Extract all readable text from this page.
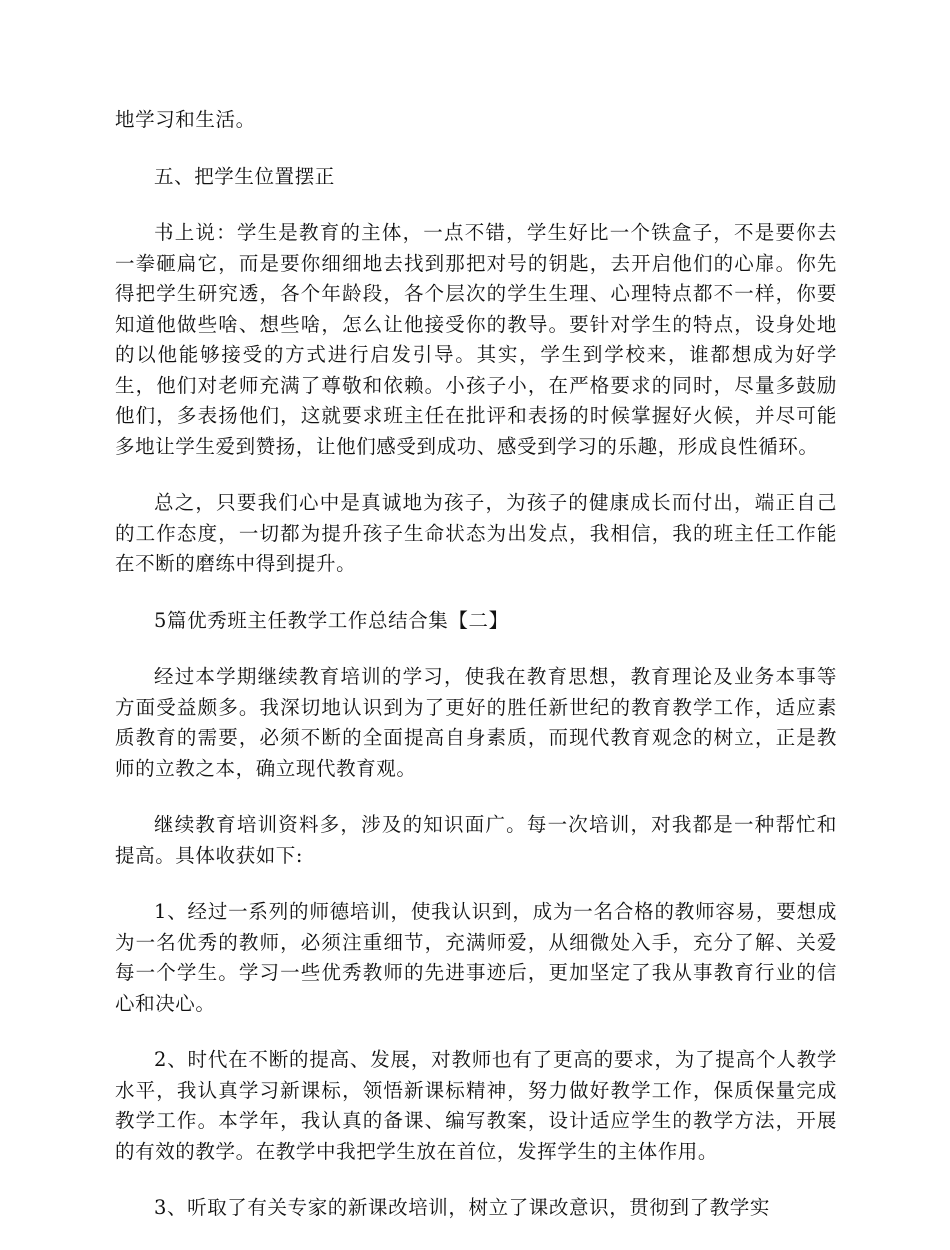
地学习和生活。

五、把学生位置摆正

书上说：学生是教育的主体，一点不错，学生好比一个铁盒子，不是要你去一拳砸扁它，而是要你细细地去找到那把对号的钥匙，去开启他们的心扉。你先得把学生研究透，各个年龄段，各个层次的学生生理、心理特点都不一样，你要知道他做些啥、想些啥，怎么让他接受你的教导。要针对学生的特点，设身处地的以他能够接受的方式进行启发引导。其实，学生到学校来，谁都想成为好学生，他们对老师充满了尊敬和依赖。小孩子小，在严格要求的同时，尽量多鼓励他们，多表扬他们，这就要求班主任在批评和表扬的时候掌握好火候，并尽可能多地让学生爱到赞扬，让他们感受到成功、感受到学习的乐趣，形成良性循环。

总之，只要我们心中是真诚地为孩子，为孩子的健康成长而付出，端正自己的工作态度，一切都为提升孩子生命状态为出发点，我相信，我的班主任工作能在不断的磨练中得到提升。

5篇优秀班主任教学工作总结合集【二】

经过本学期继续教育培训的学习，使我在教育思想，教育理论及业务本事等方面受益颇多。我深切地认识到为了更好的胜任新世纪的教育教学工作，适应素质教育的需要，必须不断的全面提高自身素质，而现代教育观念的树立，正是教师的立教之本，确立现代教育观。

继续教育培训资料多，涉及的知识面广。每一次培训，对我都是一种帮忙和提高。具体收获如下:

1、经过一系列的师德培训，使我认识到，成为一名合格的教师容易，要想成为一名优秀的教师，必须注重细节，充满师爱，从细微处入手，充分了解、关爱每一个学生。学习一些优秀教师的先进事迹后，更加坚定了我从事教育行业的信心和决心。

2、时代在不断的提高、发展，对教师也有了更高的要求，为了提高个人教学水平，我认真学习新课标，领悟新课标精神，努力做好教学工作，保质保量完成教学工作。本学年，我认真的备课、编写教案，设计适应学生的教学方法，开展的有效的教学。在教学中我把学生放在首位，发挥学生的主体作用。

3、听取了有关专家的新课改培训，树立了课改意识，贯彻到了教学实
